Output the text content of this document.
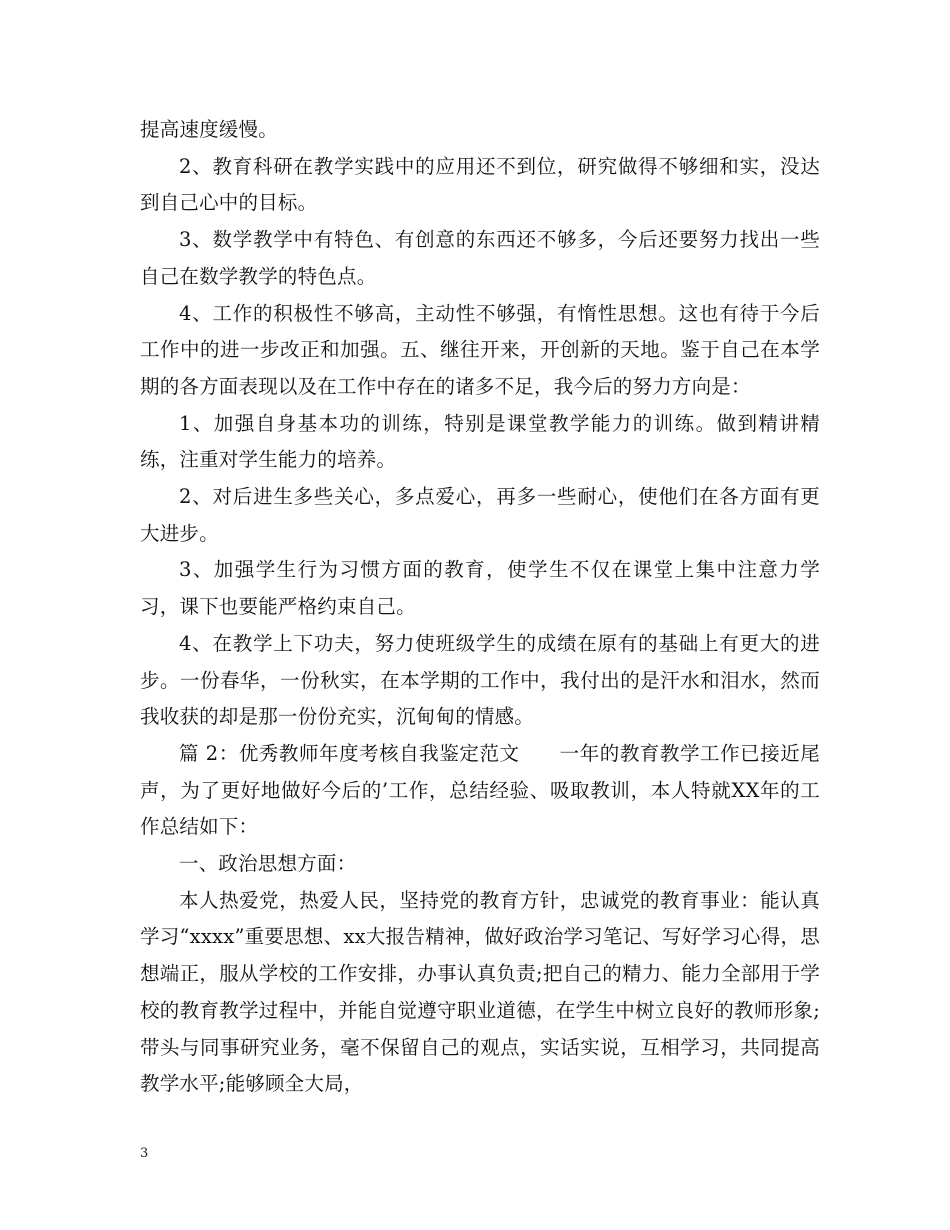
提高速度缓慢。

2、教育科研在教学实践中的应用还不到位，研究做得不够细和实，没达到自己心中的目标。

3、数学教学中有特色、有创意的东西还不够多，今后还要努力找出一些自己在数学教学的特色点。

4、工作的积极性不够高，主动性不够强，有惰性思想。这也有待于今后工作中的进一步改正和加强。五、继往开来，开创新的天地。鉴于自己在本学期的各方面表现以及在工作中存在的诸多不足，我今后的努力方向是：

1、加强自身基本功的训练，特别是课堂教学能力的训练。做到精讲精练，注重对学生能力的培养。

2、对后进生多些关心，多点爱心，再多一些耐心，使他们在各方面有更大进步。

3、加强学生行为习惯方面的教育，使学生不仅在课堂上集中注意力学习，课下也要能严格约束自己。

4、在教学上下功夫，努力使班级学生的成绩在原有的基础上有更大的进步。一份春华，一份秋实，在本学期的工作中，我付出的是汗水和泪水，然而我收获的却是那一份份充实，沉甸甸的情感。

篇 2：优秀教师年度考核自我鉴定范文　　一年的教育教学工作已接近尾声，为了更好地做好今后的’工作，总结经验、吸取教训，本人特就XX年的工作总结如下：

一、政治思想方面：

本人热爱党，热爱人民，坚持党的教育方针，忠诚党的教育事业：能认真学习“xxxx”重要思想、xx大报告精神，做好政治学习笔记、写好学习心得，思想端正，服从学校的工作安排，办事认真负责;把自己的精力、能力全部用于学校的教育教学过程中，并能自觉遵守职业道德，在学生中树立良好的教师形象;带头与同事研究业务，毫不保留自己的观点，实话实说，互相学习，共同提高教学水平;能够顾全大局，

3
